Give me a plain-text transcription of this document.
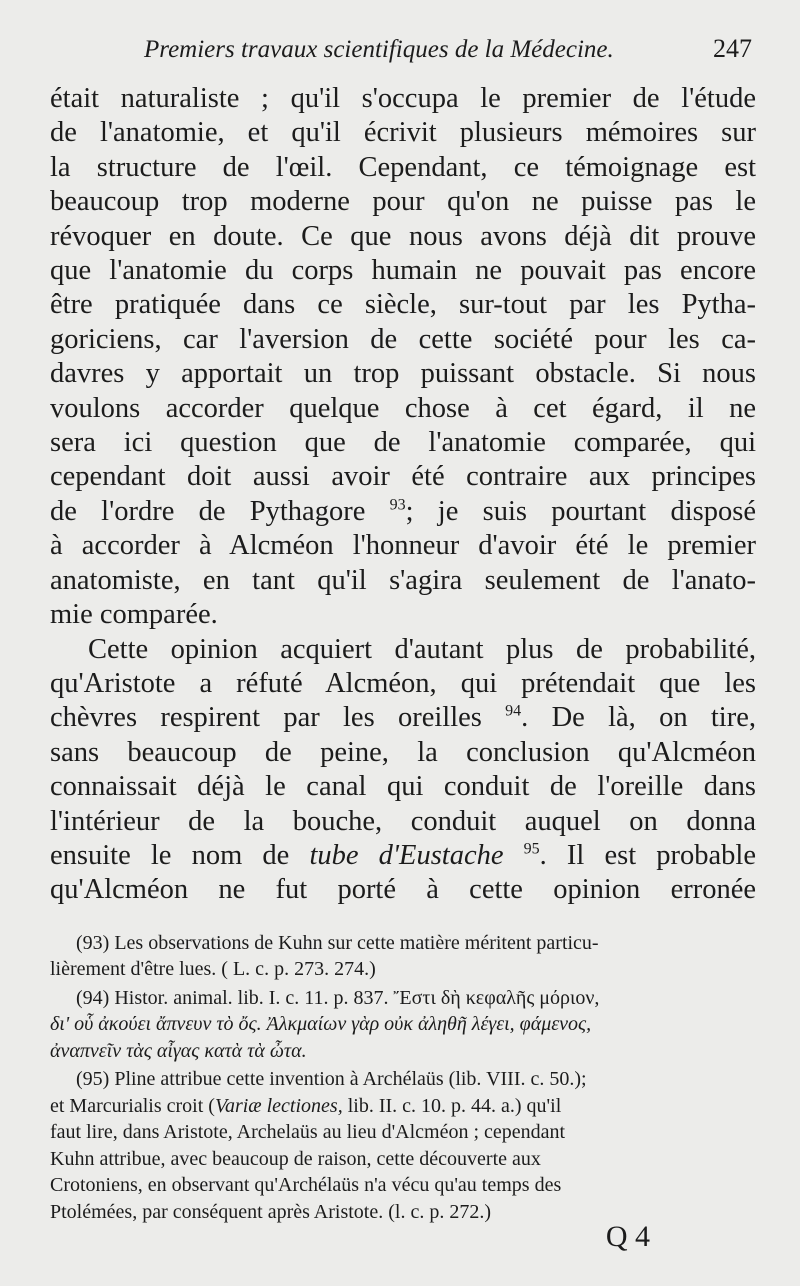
Premiers travaux scientifiques de la Médecine.	247

était naturaliste ; qu'il s'occupa le premier de l'étude

de l'anatomie, et qu'il écrivit plusieurs mémoires sur

la structure de l'œil. Cependant, ce témoignage est

beaucoup trop moderne pour qu'on ne puisse pas le

révoquer en doute. Ce que nous avons déjà dit prouve

que l'anatomie du corps humain ne pouvait pas encore

être pratiquée dans ce siècle, sur-tout par les Pytha-

goriciens, car l'aversion de cette société pour les ca-

davres y apportait un trop puissant obstacle. Si nous

voulons accorder quelque chose à cet égard, il ne

sera ici question que de l'anatomie comparée, qui

cependant doit aussi avoir été contraire aux principes

de l'ordre de Pythagore $^{93}$; je suis pourtant disposé

à accorder à Alcméon l'honneur d'avoir été le premier

anatomiste, en tant qu'il s'agira seulement de l'anato-

mie comparée.

Cette opinion acquiert d'autant plus de probabilité,

qu'Aristote a réfuté Alcméon, qui prétendait que les

chèvres respirent par les oreilles $^{94}$. De là, on tire,

sans beaucoup de peine, la conclusion qu'Alcméon

connaissait déjà le canal qui conduit de l'oreille dans

l'intérieur de la bouche, conduit auquel on donna

ensuite le nom de tube d'Eustache $^{95}$. Il est probable

qu'Alcméon ne fut porté à cette opinion erronée

(93) Les observations de Kuhn sur cette matière méritent particu-

lièrement d'être lues. ( L. c. p. 273. 274.)

(94) Histor. animal. lib. I. c. 11. p. 837. Ἔστι δὴ κεφαλῆς μόριον,

δι' οὗ ἀκούει ἄπνευν τὸ ὄς. Ἀλκμαίων γὰρ οὐκ ἀληθῆ λέγει, φάμενος,

ἀναπνεῖν τὰς αἶγας κατὰ τὰ ὦτα.

(95) Pline attribue cette invention à Archélaüs (lib. VIII. c. 50.);

et Marcurialis croit (Variæ lectiones, lib. II. c. 10. p. 44. a.) qu'il

faut lire, dans Aristote, Archelaüs au lieu d'Alcméon ; cependant

Kuhn attribue, avec beaucoup de raison, cette découverte aux

Crotoniens, en observant qu'Archélaüs n'a vécu qu'au temps des

Ptolémées, par conséquent après Aristote. (l. c. p. 272.)

Q 4
